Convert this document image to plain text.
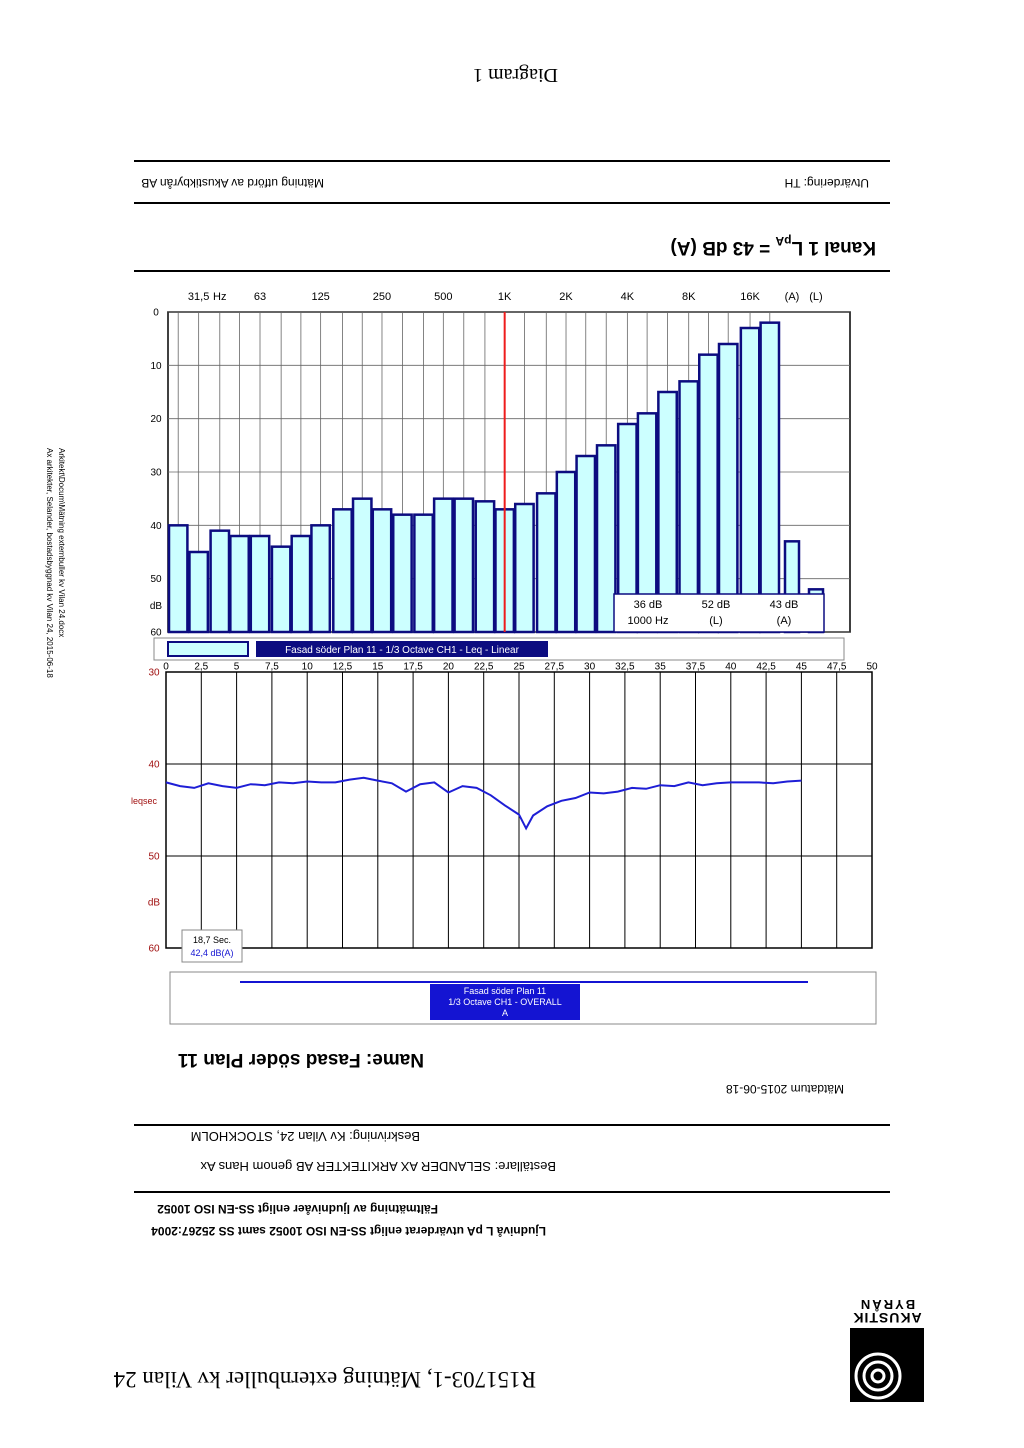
AKUSTIK
BYRÅN
R151703-1, Mätning externbuller kv Vilan 24
Ljudnivå L pA utvärderat enligt SS-EN ISO 10052 samt SS 25267:2004
Fältmätning av ljudnivåer enligt SS-EN ISO 10052
Beställare: SELANDER AX ARKITEKTER AB genom Hans Ax
Beskrivning: Kv Vilan 24, STOCKHOLM
Mätdatum 2015-06-18
Name: Fasad söder Plan 11
A
1/3 Octave CH1 - OVERALL
Fasad söder Plan 11
0	2,5	5	7,5 10 12,5 15 17,5 20 22,5 25 27,5 30 32,5 35 37,5 40 42,5 45 47,5 50
30
40
50
60
dB
leqsec
42,4 dB(A)
18,7 Sec.
Fasad söder Plan 11 - 1/3 Octave CH1 - Leq - Linear
0
10
20
30
40
50
60
dB
1000 Hz
36 dB
(L)
52 dB
(A)
43 dB
31,5 Hz 63	125	250	500	1K	2K	4K	8K	16K	(L)
(A)
Kanal 1 $L_{pA} = 43$ dB (A)
Utvärdering: TH
Mätning utförd av Akustikbyrån AB
Diagram 1
Arkitekt\Docum\Mätning externbuller kv Vilan 24.docx
Ax arkitekter, Selander, bostadsbyggnad kv Vilan 24, 2015-06-18
